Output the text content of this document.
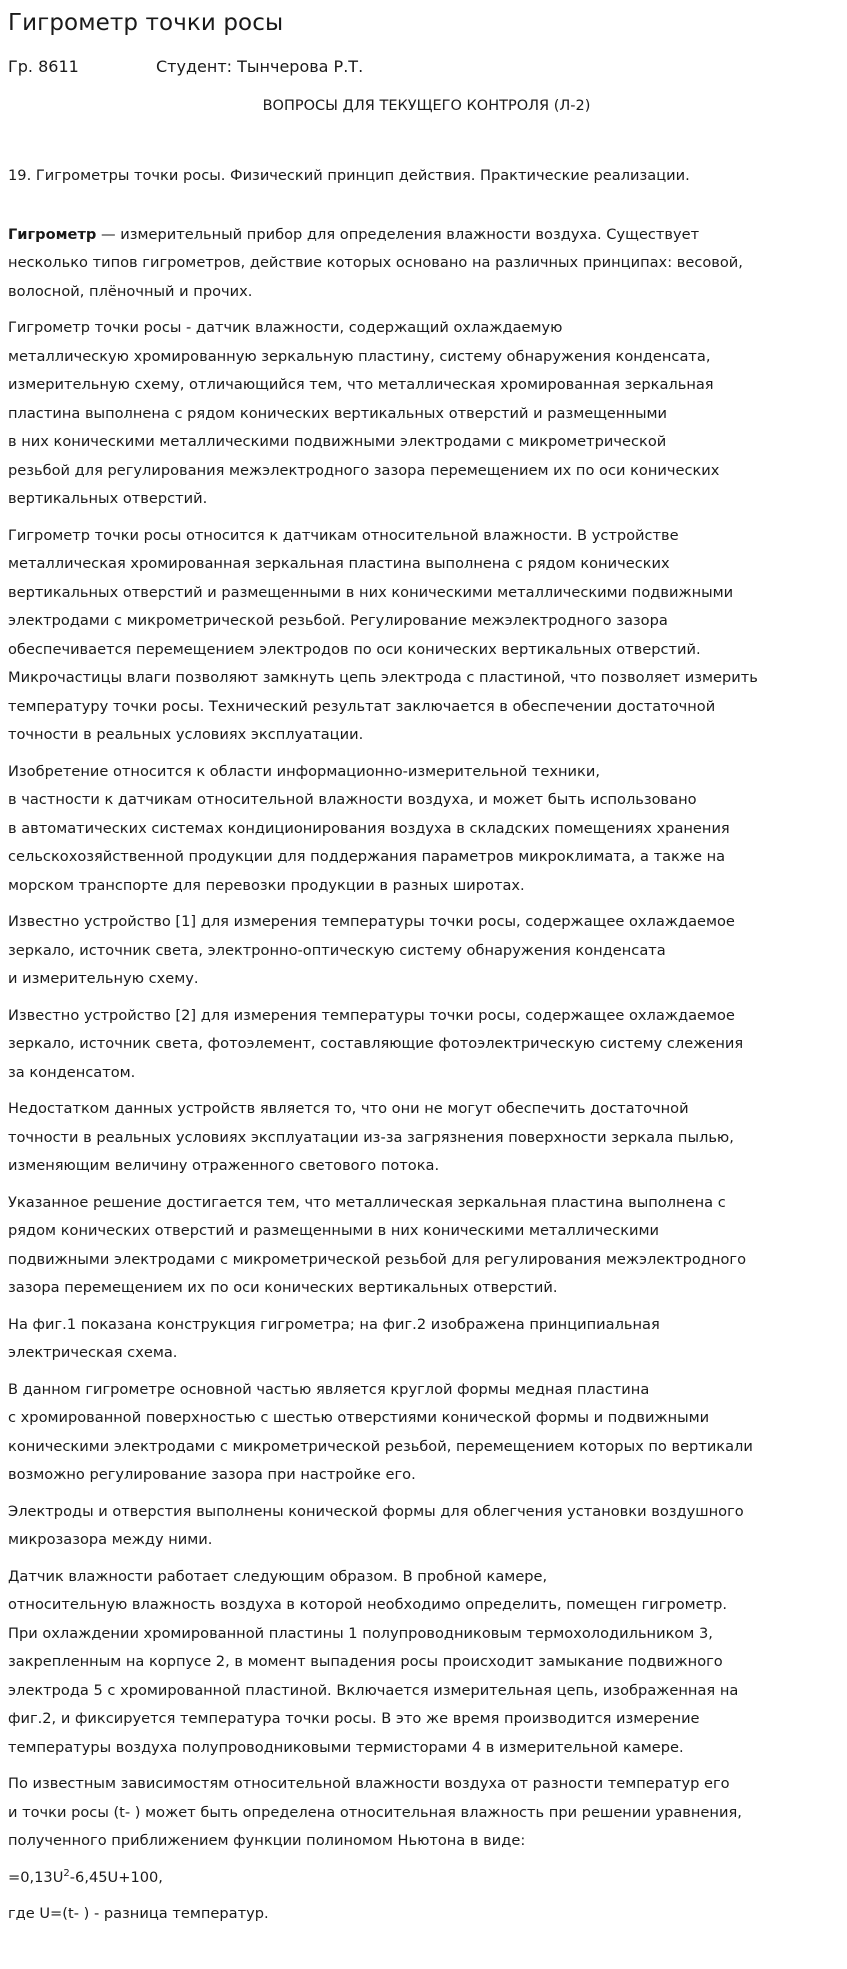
Гигрометр точки росы
Гр. 8611	Студент: Тынчерова Р.Т.
ВОПРОСЫ ДЛЯ ТЕКУЩЕГО КОНТРОЛЯ (Л-2)
19. Гигрометры точки росы. Физический принцип действия. Практические реализации.
Гигрометр — измерительный прибор для определения влажности воздуха. Существует
несколько типов гигрометров, действие которых основано на различных принципах: весовой,
волосной, плёночный и прочих.
Гигрометр точки росы - датчик влажности, содержащий охлаждаемую
металлическую хромированную зеркальную пластину, систему обнаружения конденсата,
измерительную схему, отличающийся тем, что металлическая хромированная зеркальная
пластина выполнена с рядом конических вертикальных отверстий и размещенными
в них коническими металлическими подвижными электродами с микрометрической
резьбой для регулирования межэлектродного зазора перемещением их по оси конических
вертикальных отверстий.
Гигрометр точки росы относится к датчикам относительной влажности. В устройстве
металлическая хромированная зеркальная пластина выполнена с рядом конических
вертикальных отверстий и размещенными в них коническими металлическими подвижными
электродами с микрометрической резьбой. Регулирование межэлектродного зазора
обеспечивается перемещением электродов по оси конических вертикальных отверстий.
Микрочастицы влаги позволяют замкнуть цепь электрода с пластиной, что позволяет измерить
температуру точки росы. Технический результат заключается в обеспечении достаточной
точности в реальных условиях эксплуатации.
Изобретение относится к области информационно-измерительной техники,
в частности к датчикам относительной влажности воздуха, и может быть использовано
в автоматических системах кондиционирования воздуха в складских помещениях хранения
сельскохозяйственной продукции для поддержания параметров микроклимата, а также на
морском транспорте для перевозки продукции в разных широтах.
Известно устройство [1] для измерения температуры точки росы, содержащее охлаждаемое
зеркало, источник света, электронно-оптическую систему обнаружения конденсата
и измерительную схему.
Известно устройство [2] для измерения температуры точки росы, содержащее охлаждаемое
зеркало, источник света, фотоэлемент, составляющие фотоэлектрическую систему слежения
за конденсатом.
Недостатком данных устройств является то, что они не могут обеспечить достаточной
точности в реальных условиях эксплуатации из-за загрязнения поверхности зеркала пылью,
изменяющим величину отраженного светового потока.
Указанное решение достигается тем, что металлическая зеркальная пластина выполнена с
рядом конических отверстий и размещенными в них коническими металлическими
подвижными электродами с микрометрической резьбой для регулирования межэлектродного
зазора перемещением их по оси конических вертикальных отверстий.
На фиг.1 показана конструкция гигрометра; на фиг.2 изображена принципиальная
электрическая схема.
В данном гигрометре основной частью является круглой формы медная пластина
с хромированной поверхностью с шестью отверстиями конической формы и подвижными
коническими электродами с микрометрической резьбой, перемещением которых по вертикали
возможно регулирование зазора при настройке его.
Электроды и отверстия выполнены конической формы для облегчения установки воздушного
микрозазора между ними.
Датчик влажности работает следующим образом. В пробной камере,
относительную влажность воздуха в которой необходимо определить, помещен гигрометр.
При охлаждении хромированной пластины 1 полупроводниковым термохолодильником 3,
закрепленным на корпусе 2, в момент выпадения росы происходит замыкание подвижного
электрода 5 с хромированной пластиной. Включается измерительная цепь, изображенная на
фиг.2, и фиксируется температура точки росы. В это же время производится измерение
температуры воздуха полупроводниковыми термисторами 4 в измерительной камере.
По известным зависимостям относительной влажности воздуха от разности температур его
и точки росы (t- ) может быть определена относительная влажность при решении уравнения,
полученного приближением функции полиномом Ньютона в виде:
$=0,13U^2-6,45U+100$,
где U=(t- ) - разница температур.
